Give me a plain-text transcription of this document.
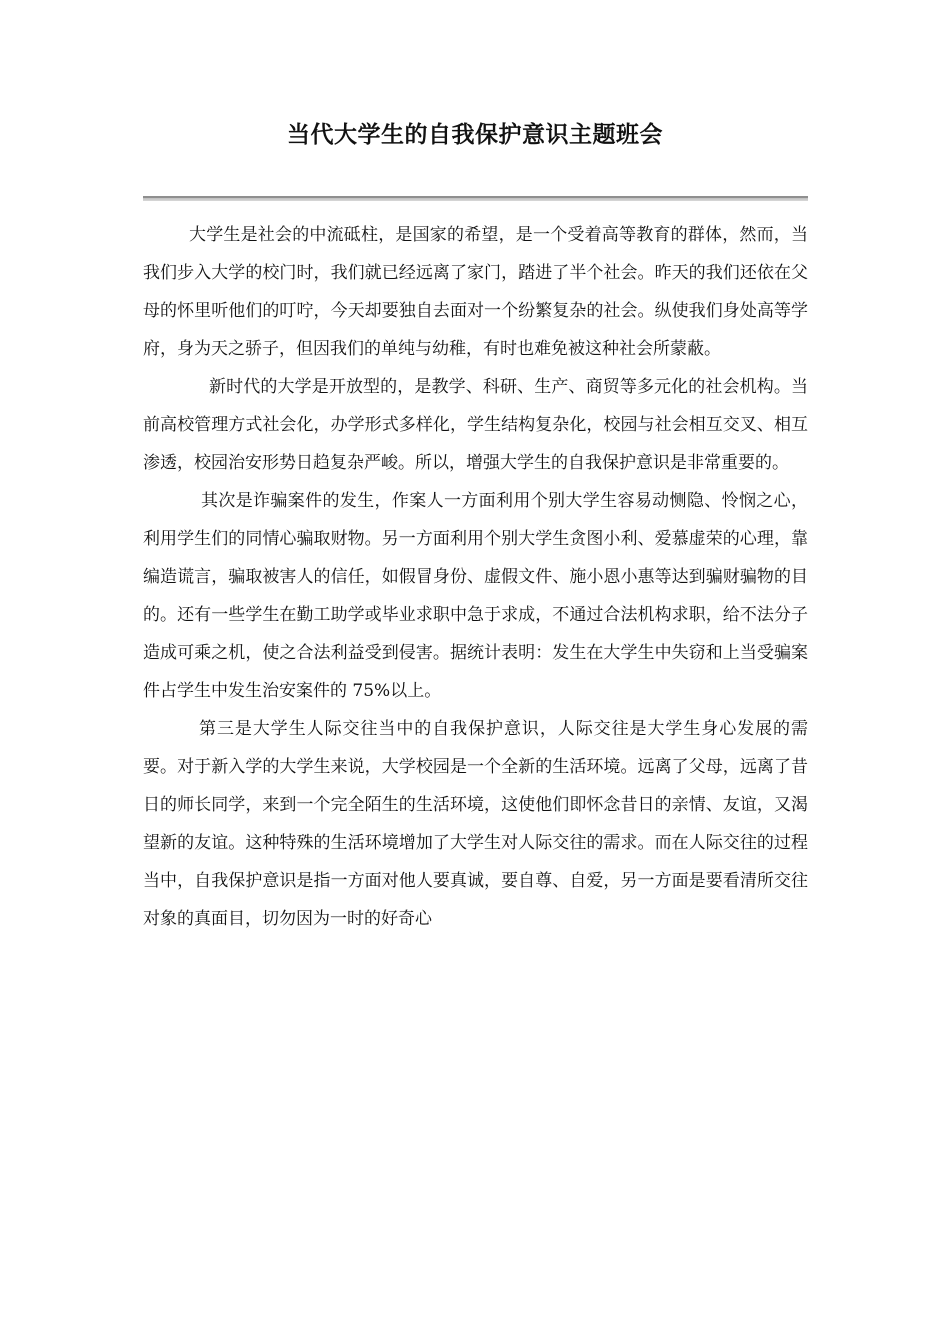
当代大学生的自我保护意识主题班会

大学生是社会的中流砥柱，是国家的希望，是一个受着高等教育的群体，然而，当我们步入大学的校门时，我们就已经远离了家门，踏进了半个社会。昨天的我们还依在父母的怀里听他们的叮咛，今天却要独自去面对一个纷繁复杂的社会。纵使我们身处高等学府，身为天之骄子，但因我们的单纯与幼稚，有时也难免被这种社会所蒙蔽。

新时代的大学是开放型的，是教学、科研、生产、商贸等多元化的社会机构。当前高校管理方式社会化，办学形式多样化，学生结构复杂化，校园与社会相互交叉、相互渗透，校园治安形势日趋复杂严峻。所以，增强大学生的自我保护意识是非常重要的。

其次是诈骗案件的发生，作案人一方面利用个别大学生容易动恻隐、怜悯之心，利用学生们的同情心骗取财物。另一方面利用个别大学生贪图小利、爱慕虚荣的心理，靠编造谎言，骗取被害人的信任，如假冒身份、虚假文件、施小恩小惠等达到骗财骗物的目的。还有一些学生在勤工助学或毕业求职中急于求成，不通过合法机构求职，给不法分子造成可乘之机，使之合法利益受到侵害。据统计表明：发生在大学生中失窃和上当受骗案件占学生中发生治安案件的 75%以上。

第三是大学生人际交往当中的自我保护意识，人际交往是大学生身心发展的需 要。对于新入学的大学生来说，大学校园是一个全新的生活环境。远离了父母，远离了昔日的师长同学，来到一个完全陌生的生活环境，这使他们即怀念昔日的亲情、友谊，又渴望新的友谊。这种特殊的生活环境增加了大学生对人际交往的需求。而在人际交往的过程当中，自我保护意识是指一方面对他人要真诚，要自尊、自爱，另一方面是要看清所交往对象的真面目，切勿因为一时的好奇心
